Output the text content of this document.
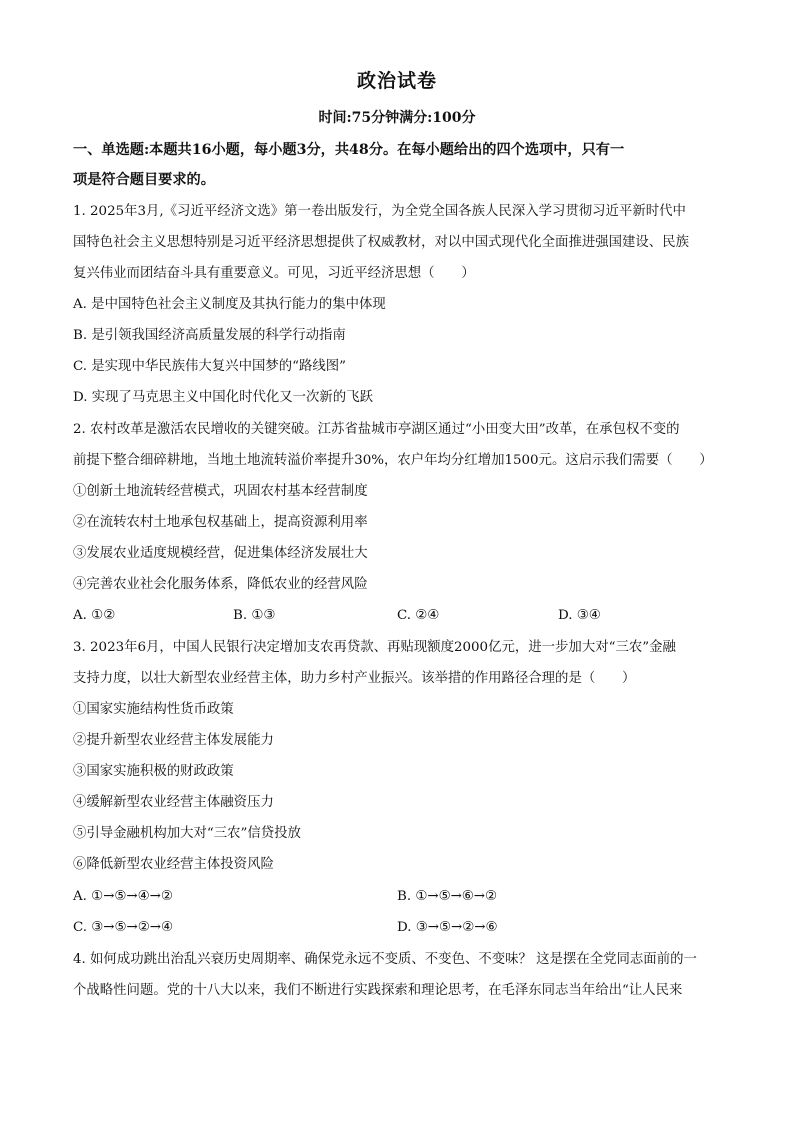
政治试卷
时间:75分钟满分:100分
一、单选题:本题共16小题，每小题3分，共48分。在每小题给出的四个选项中，只有一
项是符合题目要求的。
1. 2025年3月,《习近平经济文选》第一卷出版发行，为全党全国各族人民深入学习贯彻习近平新时代中
国特色社会主义思想特别是习近平经济思想提供了权威教材，对以中国式现代化全面推进强国建设、民族
复兴伟业而团结奋斗具有重要意义。可见，习近平经济思想（　　）
A. 是中国特色社会主义制度及其执行能力的集中体现
B. 是引领我国经济高质量发展的科学行动指南
C. 是实现中华民族伟大复兴中国梦的“路线图”
D. 实现了马克思主义中国化时代化又一次新的飞跃
2. 农村改革是激活农民增收的关键突破。江苏省盐城市亭湖区通过“小田变大田”改革，在承包权不变的
前提下整合细碎耕地，当地土地流转溢价率提升30%，农户年均分红增加1500元。这启示我们需要（　　）
①创新土地流转经营模式，巩固农村基本经营制度
②在流转农村土地承包权基础上，提高资源利用率
③发展农业适度规模经营，促进集体经济发展壮大
④完善农业社会化服务体系，降低农业的经营风险
A. ①②	B. ①③	C. ②④	D. ③④
3. 2023年6月，中国人民银行决定增加支农再贷款、再贴现额度2000亿元，进一步加大对“三农”金融
支持力度，以壮大新型农业经营主体，助力乡村产业振兴。该举措的作用路径合理的是（　　）
①国家实施结构性货币政策
②提升新型农业经营主体发展能力
③国家实施积极的财政政策
④缓解新型农业经营主体融资压力
⑤引导金融机构加大对“三农”信贷投放
⑥降低新型农业经营主体投资风险
A. ①→⑤→④→②	B. ①→⑤→⑥→②
C. ③→⑤→②→④	D. ③→⑤→②→⑥
4. 如何成功跳出治乱兴衰历史周期率、确保党永远不变质、不变色、不变味？ 这是摆在全党同志面前的一
个战略性问题。党的十八大以来，我们不断进行实践探索和理论思考，在毛泽东同志当年给出“让人民来
